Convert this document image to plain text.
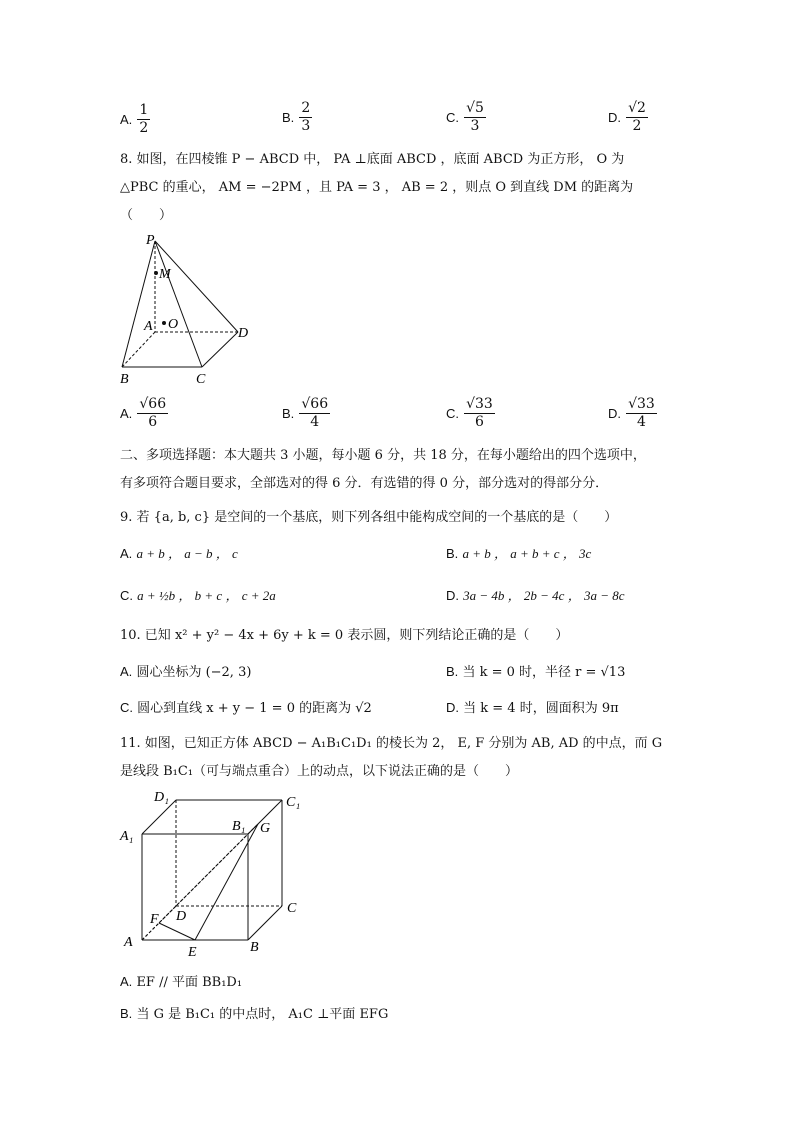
A. $\frac{1}{2}$	B. $\frac{2}{3}$	C. $\frac{√5}{3}$	D. $\frac{√2}{2}$
8. 如图，在四棱锥 P − ABCD 中， PA ⊥底面 ABCD ，底面 ABCD 为正方形， O 为
△PBC 的重心， AM = −2PM ，且 PA = 3 ， AB = 2 ，则点 O 到直线 DM 的距离为
（　　）
P
M
A O
D
B	C
A. $\frac{√66}{6}$	B. $\frac{√66}{4}$	C. $\frac{√33}{6}$	D. $\frac{√33}{4}$
二、多项选择题：本大题共 3 小题，每小题 6 分，共 18 分，在每小题给出的四个选项中，
有多项符合题目要求，全部选对的得 6 分．有选错的得 0 分，部分选对的得部分分．
9. 若 {a, b, c} 是空间的一个基底，则下列各组中能构成空间的一个基底的是（　　）
A. a + b ， a − b ， c	B. a + b ， a + b + c ， 3c
C. a + ½b ， b + c ， c + 2a	D. 3a − 4b ， 2b − 4c ， 3a − 8c
10. 已知 x² + y² − 4x + 6y + k = 0 表示圆，则下列结论正确的是（　　）
A. 圆心坐标为 (−2, 3)	B. 当 k = 0 时，半径 r = √13
C. 圆心到直线 x + y − 1 = 0 的距离为 √2	D. 当 k = 4 时，圆面积为 9π
11. 如图，已知正方体 ABCD − A₁B₁C₁D₁ 的棱长为 2， E, F 分别为 AB, AD 的中点，而 G
是线段 B₁C₁（可与端点重合）上的动点，以下说法正确的是（　　）
D₁	C₁
A₁
B₁ G
C
F D
A
E	B
A. EF // 平面 BB₁D₁
B. 当 G 是 B₁C₁ 的中点时， A₁C ⊥平面 EFG
